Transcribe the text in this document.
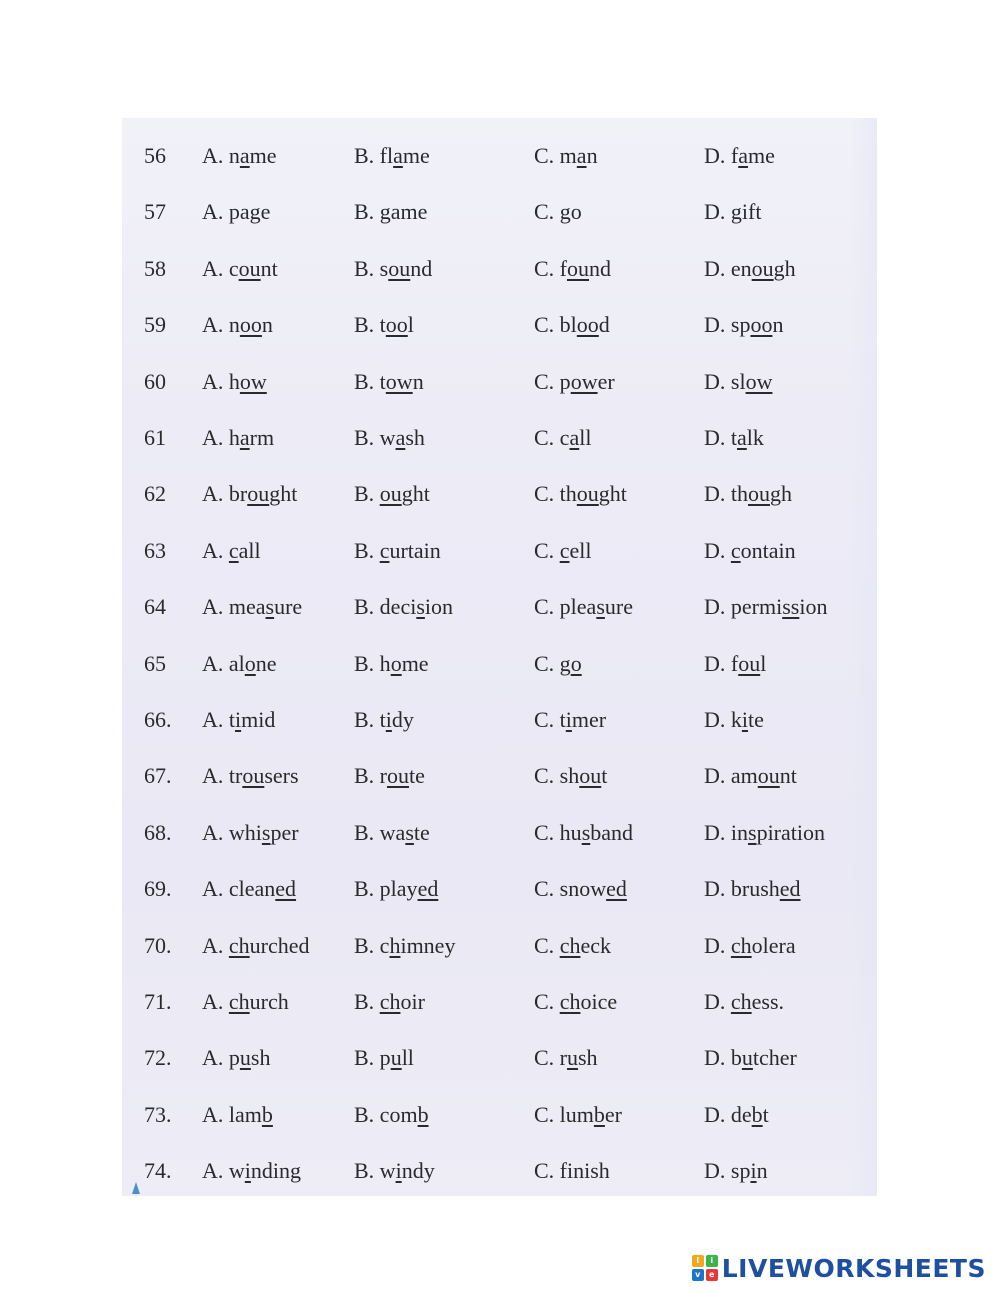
56 A. name	B. flame	C. man	D. fame
57 A. page	B. game	C. go	D. gift
58 A. count	B. sound	C. found	D. enough
59 A. noon	B. tool	C. blood	D. spoon
60 A. how	B. town	C. power	D. slow
61 A. harm	B. wash	C. call	D. talk
62 A. brought	B. ought	C. thought	D. though
63 A. call	B. curtain	C. cell	D. contain
64 A. measure B. decision	C. pleasure	D. permission
65 A. alone	B. home	C. go	D. foul
66. A. timid	B. tidy	C. timer	D. kite
67. A. trousers	B. route	C. shout	D. amount
68. A. whisper	B. waste	C. husband	D. inspiration
69. A. cleaned	B. played	C. snowed	D. brushed
70. A. churched B. chimney	C. check	D. cholera
71. A. church	B. choir	C. choice	D. chess.
72. A. push	B. pull	C. rush	D. butcher
73. A. lamb	B. comb	C. lumber	D. debt
74. A. winding B. windy	C. finish	D. spin
l	i
v	e LIVEWORKSHEETS
